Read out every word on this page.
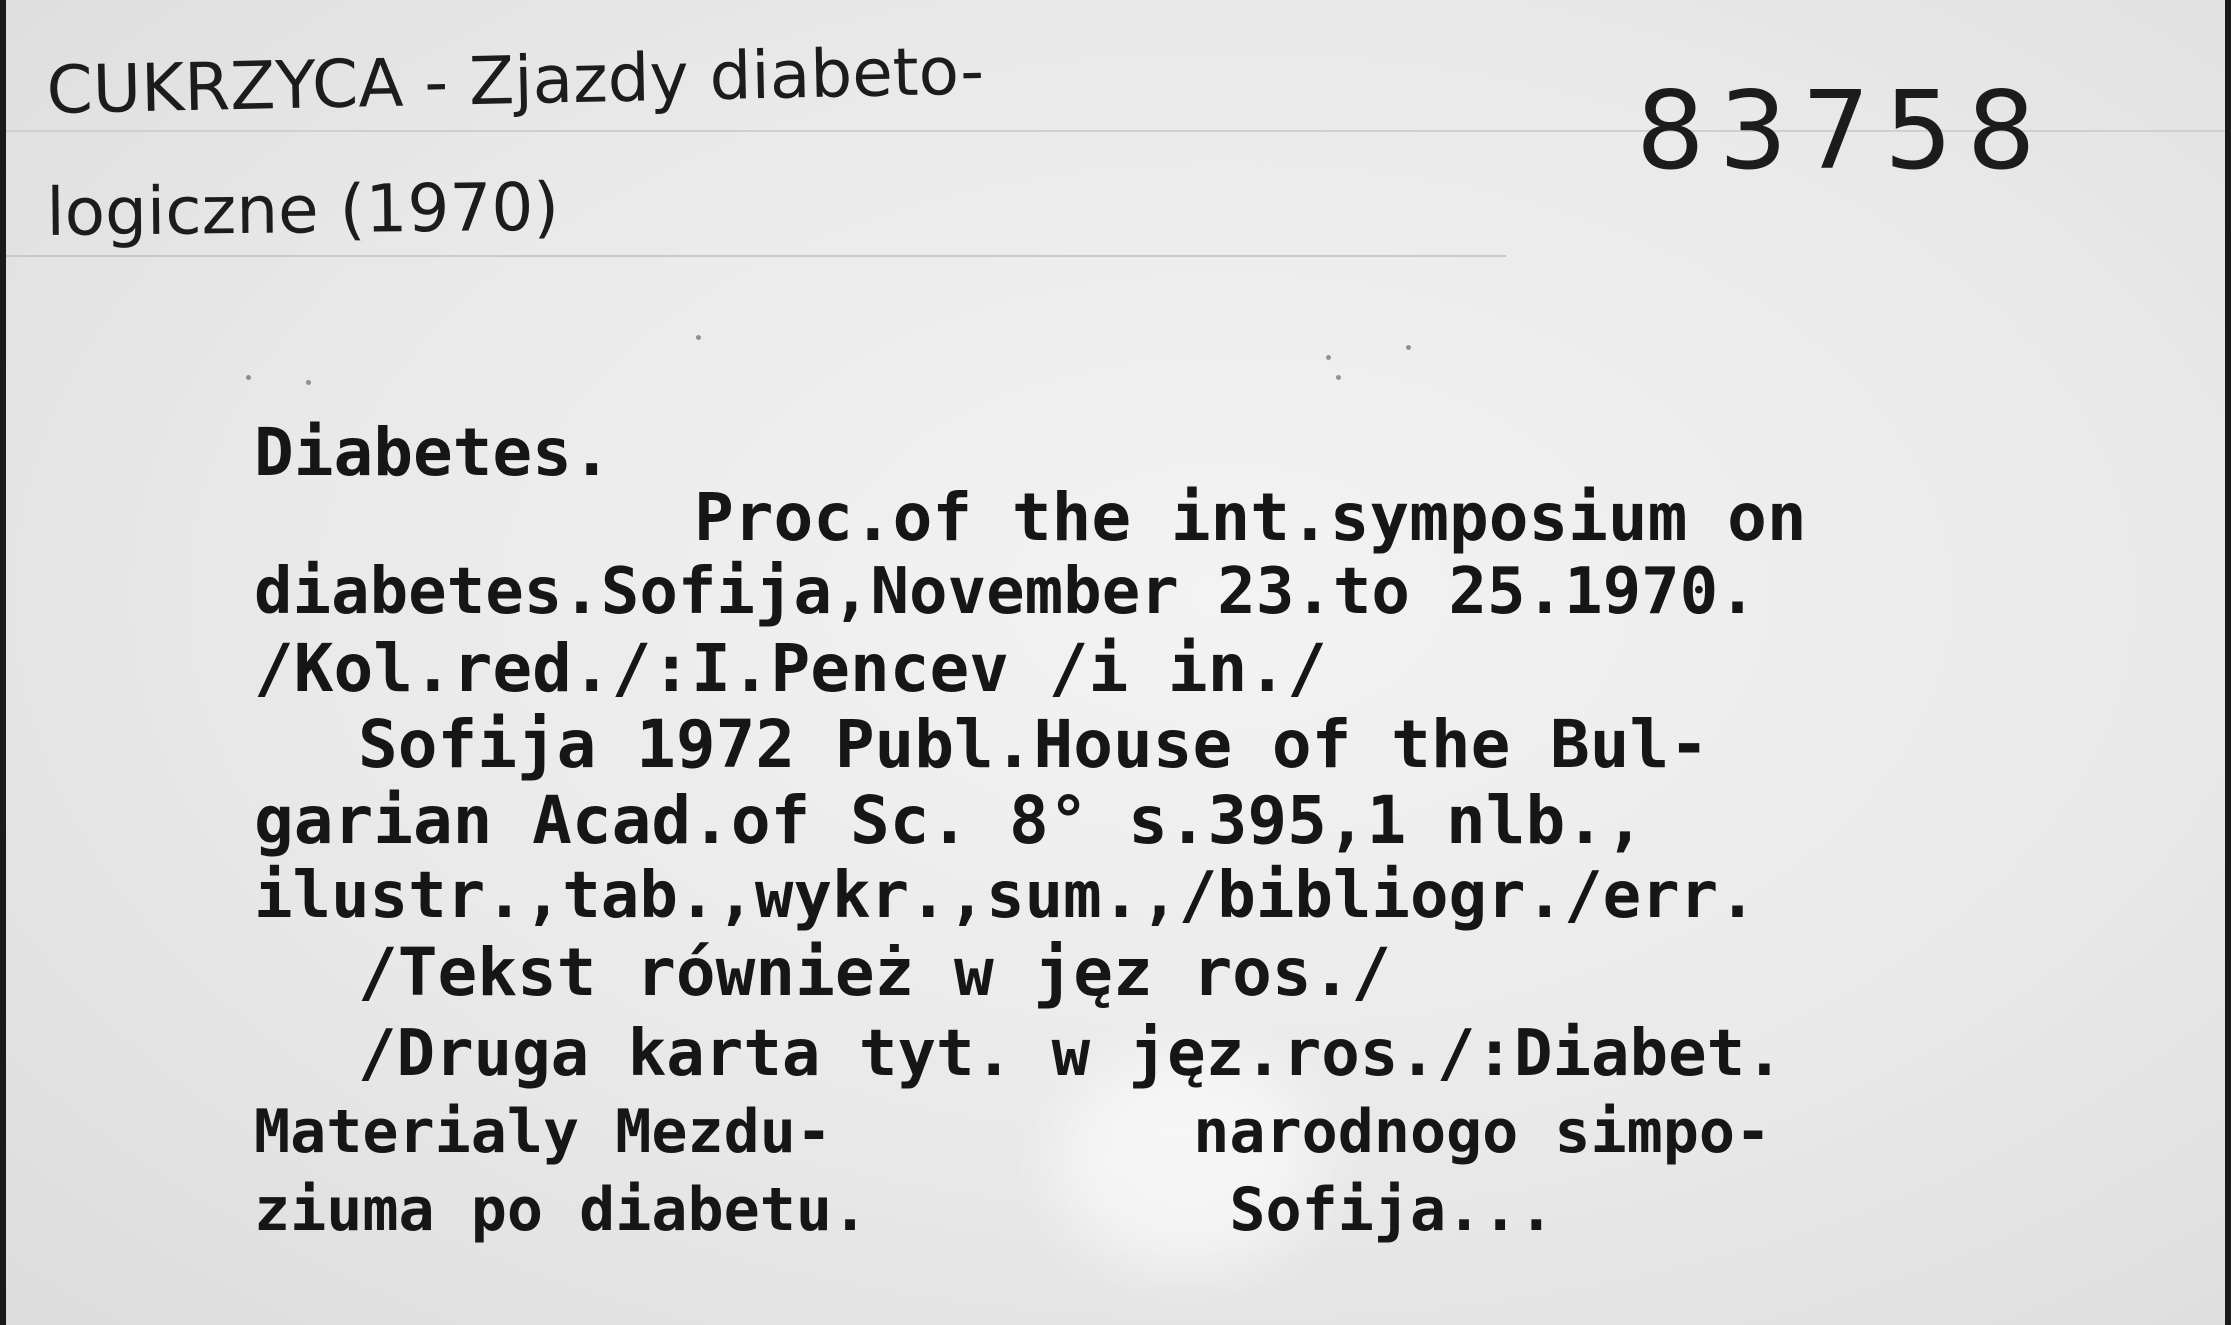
CUKRZYCA - Zjazdy diabeto-
logiczne (1970)
83758
Diabetes.
Proc.of the int.symposium on
diabetes.Sofija,November 23.to 25.1970.
/Kol.red./:I.Pencev /i in./
Sofija 1972 Publ.House of the Bul-
garian Acad.of Sc. 8° s.395,1 nlb.,
ilustr.,tab.,wykr.,sum.,/bibliogr./err.
/Tekst również w jęz ros./
/Druga karta tyt. w jęz.ros./:Diabet.
Materialy Mezdu-          narodnogo simpo-
ziuma po diabetu.          Sofija...
